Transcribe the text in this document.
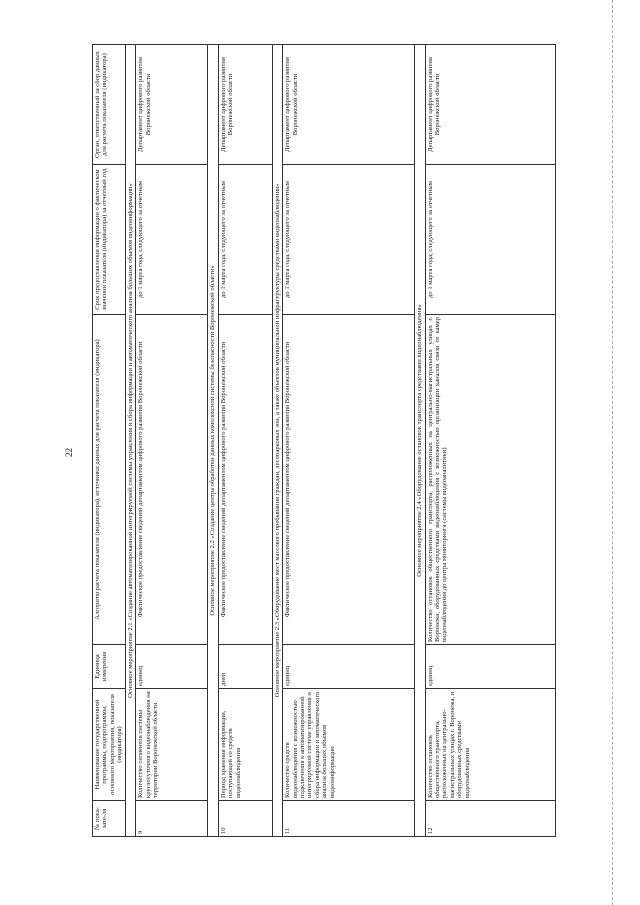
22
№ пока-зате-ля	Наименование государственной программы, подпрограммы, основного мероприятия, показателя (индикатора)	Единица измерения	Алгоритм расчета показателя (индикатора), источники данных для расчета показателя (индикатора)	Срок предоставления информации о фактическом значении показателя (индикатора) за отчетный год	Орган, ответственный за сбор данных для расчета показателя (индикатора)
Основное мероприятие 2.1 «Создание автоматизированной интегрируемой системы управления и сбора информации и автоматического анализа больших объемов видеоинформации»					
9	Количество сегментов системы круглосуточного видеонаблюдения на территории Воронежской области	единиц	Фактическое предоставление сведений департаментом цифрового развития Воронежской области	до 1 марта года, следующего за отчетным	Департамент цифрового развития Воронежской области
Основное мероприятие 2.2 «Создание центра обработки данных комплексной системы безопасности Воронежской области»					
10	Период хранения информации, поступающей со средств видеонаблюдения	дней	Фактическое предоставление сведений департаментом цифрового развития Воронежской области	до 1 марта года, следующего за отчетным	Департамент цифрового развития Воронежской области
Основное мероприятие 2.3 «Оборудование мест массового пребывания граждан, лесопарковых зон, а также объектов муниципальной инфраструктуры средствами видеонаблюдения»					
11	Количество средств видеонаблюдения с возможностью подключения к автоматизированной интегрируемой системе управления и сбора информации и автоматического анализа больших объемов видеоинформации	единиц	Фактическое предоставление сведений департаментом цифрового развития Воронежской области	до 1 марта года, следующего за отчетным	Департамент цифрового развития Воронежской области
Основное мероприятие 2.4 «Оборудование остановок транспорта средствами видеонаблюдения»					
12	Количество остановок общественного транспорта, расположенных на центрально-магистральных улицах г. Воронежа, и оборудованных средствами видеонаблюдения	единиц	Количество остановок общественного транспорта, расположенных на центрально-магистральных улицах г. Воронежа, оборудованных средствами видеонаблюдения с возможностью организации каналов связи от камер видеонаблюдения до центра мониторинга (системы видеоаналитики)	до 1 марта года, следующего за отчетным	Департамент цифрового развития Воронежской области
